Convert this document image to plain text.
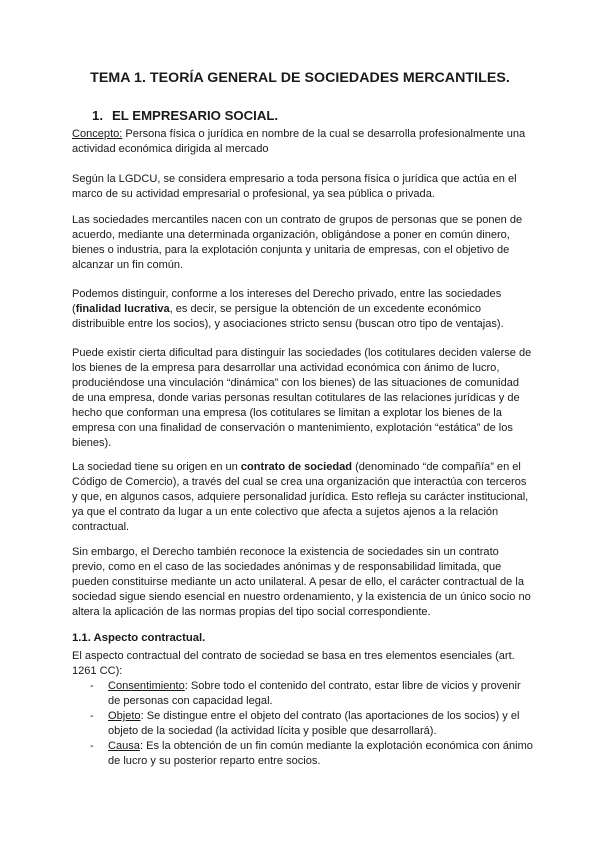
TEMA 1. TEORÍA GENERAL DE SOCIEDADES MERCANTILES.
1. EL EMPRESARIO SOCIAL.

Concepto: Persona física o jurídica en nombre de la cual se desarrolla profesionalmente una actividad económica dirigida al mercado

Según la LGDCU, se considera empresario a toda persona física o jurídica que actúa en el marco de su actividad empresarial o profesional, ya sea pública o privada.

Las sociedades mercantiles nacen con un contrato de grupos de personas que se ponen de acuerdo, mediante una determinada organización, obligándose a poner en común dinero, bienes o industria, para la explotación conjunta y unitaria de empresas, con el objetivo de alcanzar un fin común.

Podemos distinguir, conforme a los intereses del Derecho privado, entre las sociedades (finalidad lucrativa, es decir, se persigue la obtención de un excedente económico distribuible entre los socios), y asociaciones stricto sensu (buscan otro tipo de ventajas).

Puede existir cierta dificultad para distinguir las sociedades (los cotitulares deciden valerse de los bienes de la empresa para desarrollar una actividad económica con ánimo de lucro, produciéndose una vinculación “dinámica” con los bienes) de las situaciones de comunidad de una empresa, donde varias personas resultan cotitulares de las relaciones jurídicas y de hecho que conforman una empresa (los cotitulares se limitan a explotar los bienes de la empresa con una finalidad de conservación o mantenimiento, explotación “estática” de los bienes).

La sociedad tiene su origen en un contrato de sociedad (denominado “de compañía” en el Código de Comercio), a través del cual se crea una organización que interactúa con terceros y que, en algunos casos, adquiere personalidad jurídica. Esto refleja su carácter institucional, ya que el contrato da lugar a un ente colectivo que afecta a sujetos ajenos a la relación contractual.

Sin embargo, el Derecho también reconoce la existencia de sociedades sin un contrato previo, como en el caso de las sociedades anónimas y de responsabilidad limitada, que pueden constituirse mediante un acto unilateral. A pesar de ello, el carácter contractual de la sociedad sigue siendo esencial en nuestro ordenamiento, y la existencia de un único socio no altera la aplicación de las normas propias del tipo social correspondiente.

1.1. Aspecto contractual.

El aspecto contractual del contrato de sociedad se basa en tres elementos esenciales (art. 1261 CC):

- Consentimiento: Sobre todo el contenido del contrato, estar libre de vicios y provenir de personas con capacidad legal.
- Objeto: Se distingue entre el objeto del contrato (las aportaciones de los socios) y el objeto de la sociedad (la actividad lícita y posible que desarrollará).
- Causa: Es la obtención de un fin común mediante la explotación económica con ánimo de lucro y su posterior reparto entre socios.
